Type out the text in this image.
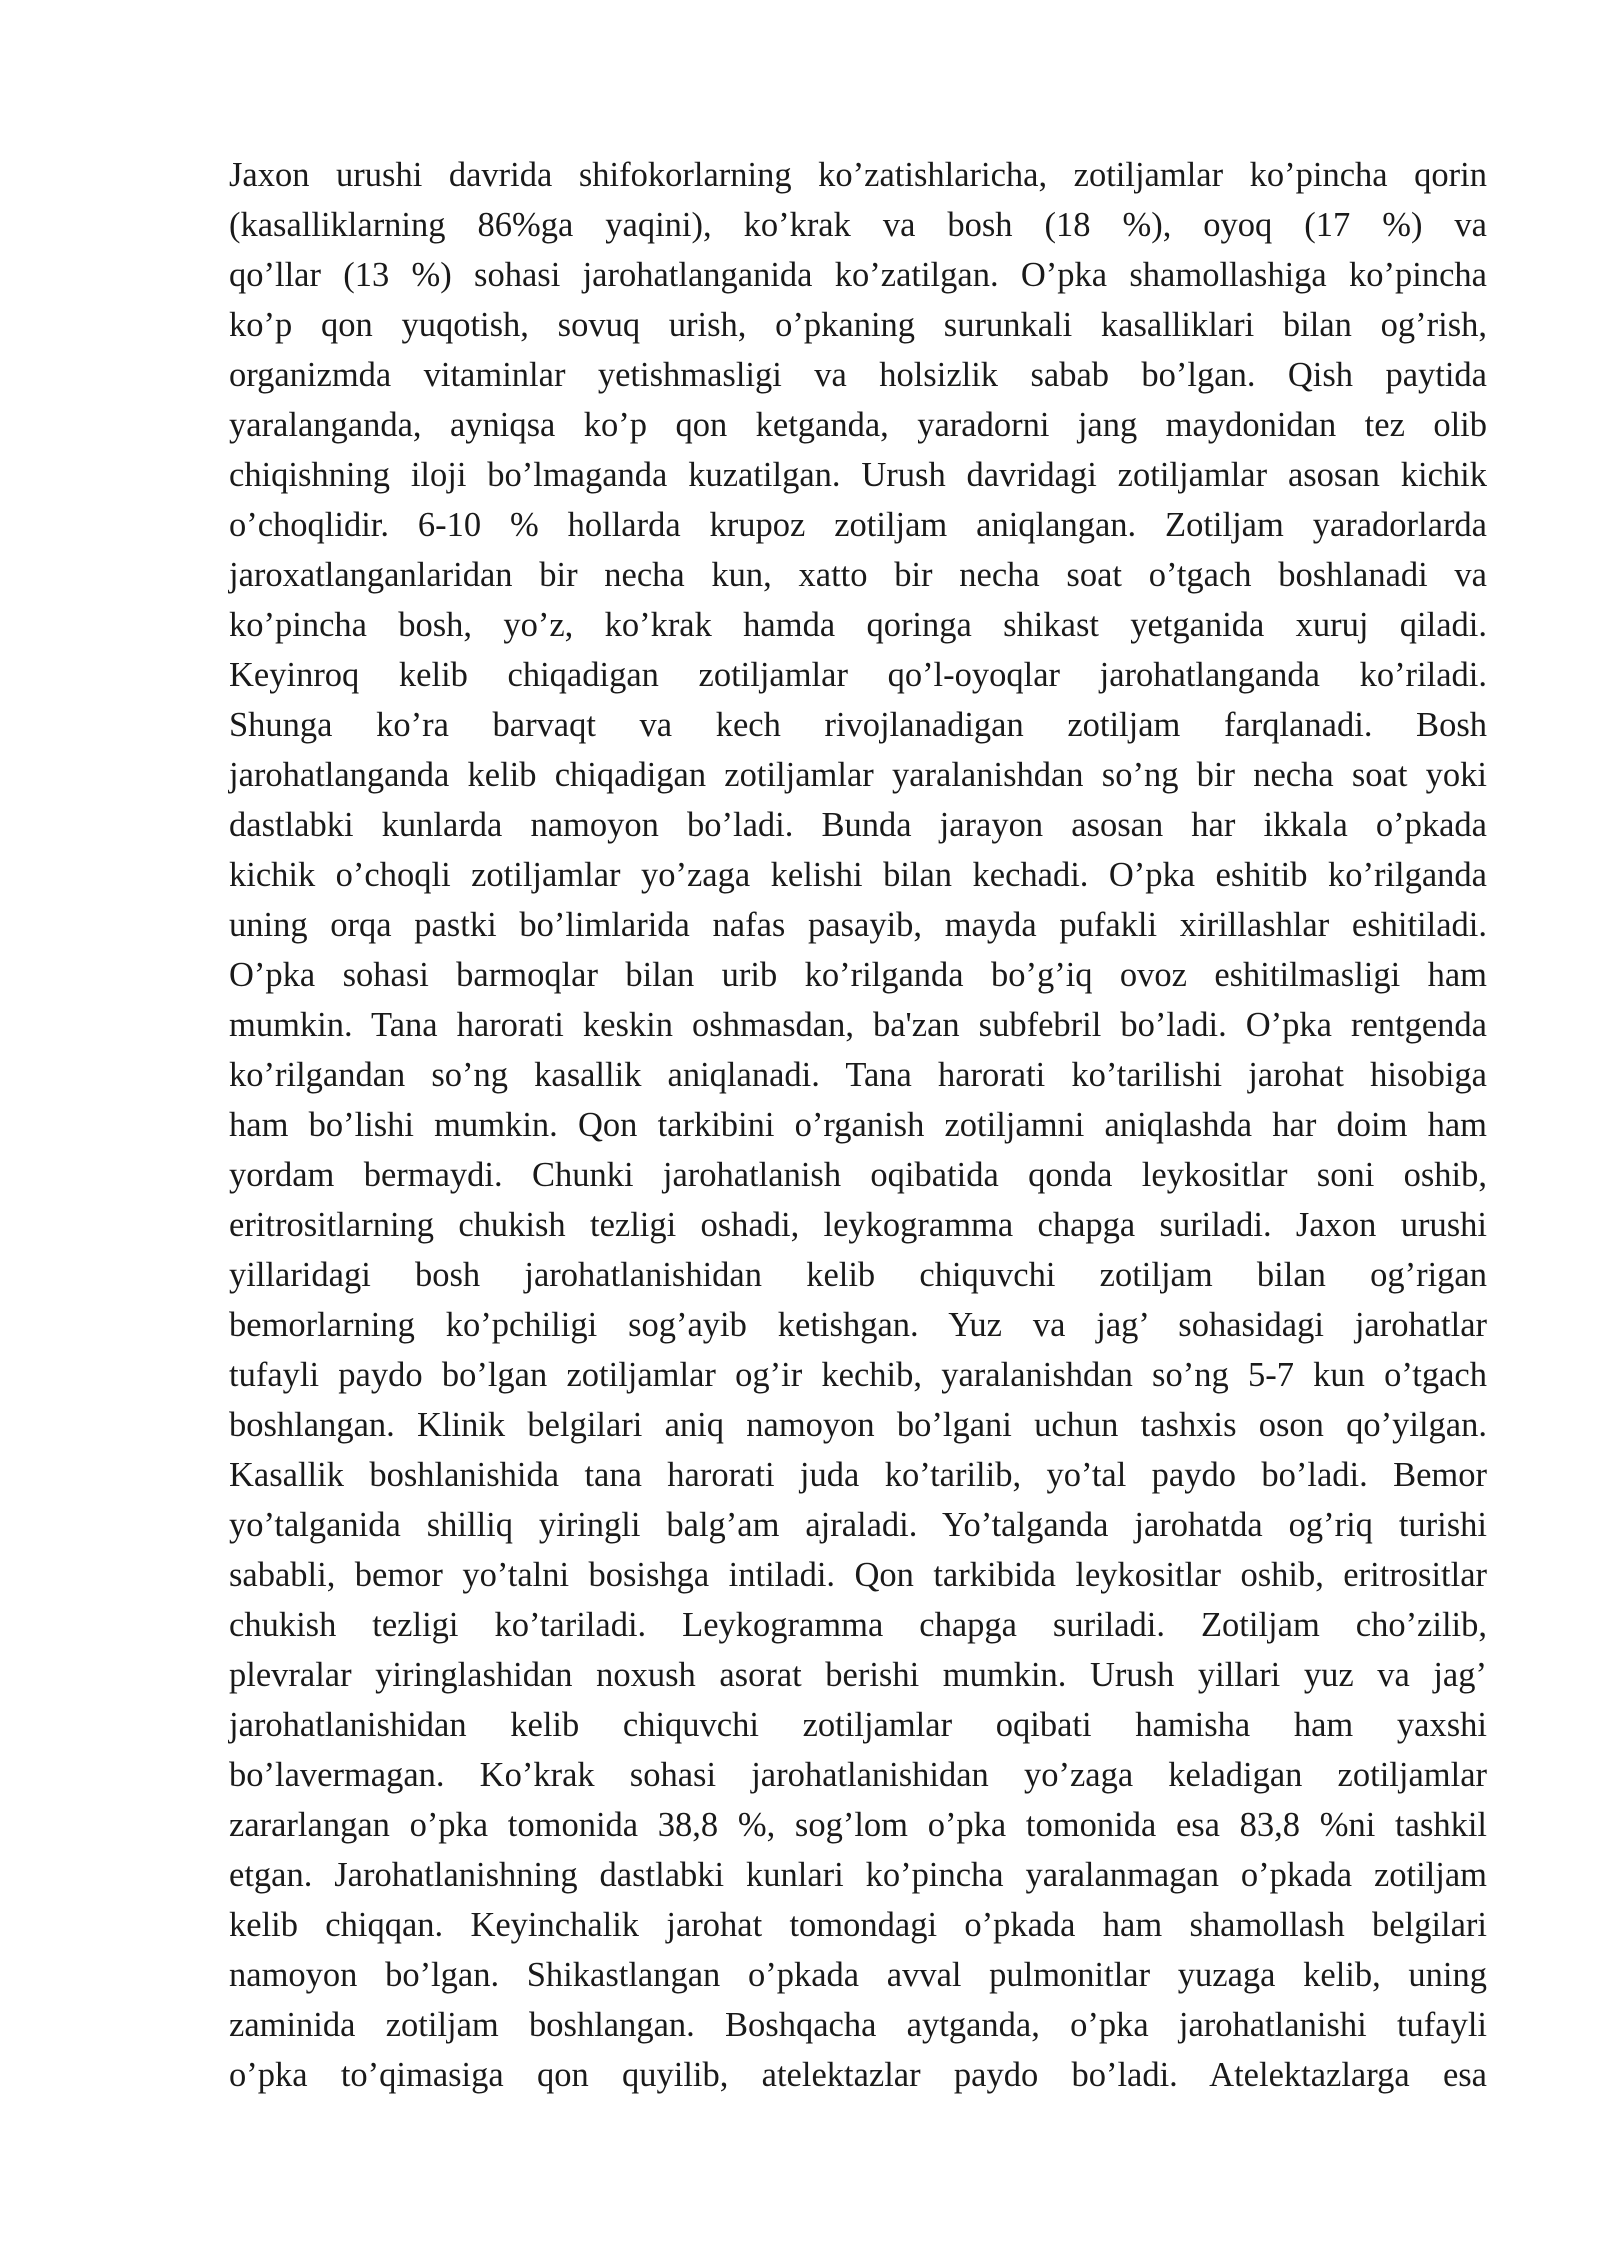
Jaxon urushi davrida shifokorlarning ko’zatishlaricha, zotiljamlar ko’pincha qorin
(kasalliklarning 86%ga yaqini), ko’krak va bosh (18 %), oyoq (17 %) va
qo’llar (13 %) sohasi jarohatlanganida ko’zatilgan. O’pka shamollashiga ko’pincha
ko’p qon yuqotish, sovuq urish, o’pkaning surunkali kasalliklari bilan og’rish,
organizmda vitaminlar yetishmasligi va holsizlik sabab bo’lgan. Qish paytida
yaralanganda, ayniqsa ko’p qon ketganda, yaradorni jang maydonidan tez olib
chiqishning iloji bo’lmaganda kuzatilgan. Urush davridagi zotiljamlar asosan kichik
o’choqlidir. 6-10 % hollarda krupoz zotiljam aniqlangan. Zotiljam yaradorlarda
jaroxatlanganlaridan bir necha kun, xatto bir necha soat o’tgach boshlanadi va
ko’pincha bosh, yo’z, ko’krak hamda qoringa shikast yetganida xuruj qiladi.
Keyinroq kelib chiqadigan zotiljamlar qo’l-oyoqlar jarohatlanganda ko’riladi.
Shunga ko’ra barvaqt va kech rivojlanadigan zotiljam farqlanadi. Bosh
jarohatlanganda kelib chiqadigan zotiljamlar yaralanishdan so’ng bir necha soat yoki
dastlabki kunlarda namoyon bo’ladi. Bunda jarayon asosan har ikkala o’pkada
kichik o’choqli zotiljamlar yo’zaga kelishi bilan kechadi. O’pka eshitib ko’rilganda
uning orqa pastki bo’limlarida nafas pasayib, mayda pufakli xirillashlar eshitiladi.
O’pka sohasi barmoqlar bilan urib ko’rilganda bo’g’iq ovoz eshitilmasligi ham
mumkin. Tana harorati keskin oshmasdan, ba'zan subfebril bo’ladi. O’pka rentgenda
ko’rilgandan so’ng kasallik aniqlanadi. Tana harorati ko’tarilishi jarohat hisobiga
ham bo’lishi mumkin. Qon tarkibini o’rganish zotiljamni aniqlashda har doim ham
yordam bermaydi. Chunki jarohatlanish oqibatida qonda leykositlar soni oshib,
eritrositlarning chukish tezligi oshadi, leykogramma chapga suriladi. Jaxon urushi
yillaridagi bosh jarohatlanishidan kelib chiquvchi zotiljam bilan og’rigan
bemorlarning ko’pchiligi sog’ayib ketishgan. Yuz va jag’ sohasidagi jarohatlar
tufayli paydo bo’lgan zotiljamlar og’ir kechib, yaralanishdan so’ng 5-7 kun o’tgach
boshlangan. Klinik belgilari aniq namoyon bo’lgani uchun tashxis oson qo’yilgan.
Kasallik boshlanishida tana harorati juda ko’tarilib, yo’tal paydo bo’ladi. Bemor
yo’talganida shilliq yiringli balg’am ajraladi. Yo’talganda jarohatda og’riq turishi
sababli, bemor yo’talni bosishga intiladi. Qon tarkibida leykositlar oshib, eritrositlar
chukish tezligi ko’tariladi. Leykogramma chapga suriladi. Zotiljam cho’zilib,
plevralar yiringlashidan noxush asorat berishi mumkin. Urush yillari yuz va jag’
jarohatlanishidan kelib chiquvchi zotiljamlar oqibati hamisha ham yaxshi
bo’lavermagan. Ko’krak sohasi jarohatlanishidan yo’zaga keladigan zotiljamlar
zararlangan o’pka tomonida 38,8 %, sog’lom o’pka tomonida esa 83,8 %ni tashkil
etgan. Jarohatlanishning dastlabki kunlari ko’pincha yaralanmagan o’pkada zotiljam
kelib chiqqan. Keyinchalik jarohat tomondagi o’pkada ham shamollash belgilari
namoyon bo’lgan. Shikastlangan o’pkada avval pulmonitlar yuzaga kelib, uning
zaminida zotiljam boshlangan. Boshqacha aytganda, o’pka jarohatlanishi tufayli
o’pka to’qimasiga qon quyilib, atelektazlar paydo bo’ladi. Atelektazlarga esa
